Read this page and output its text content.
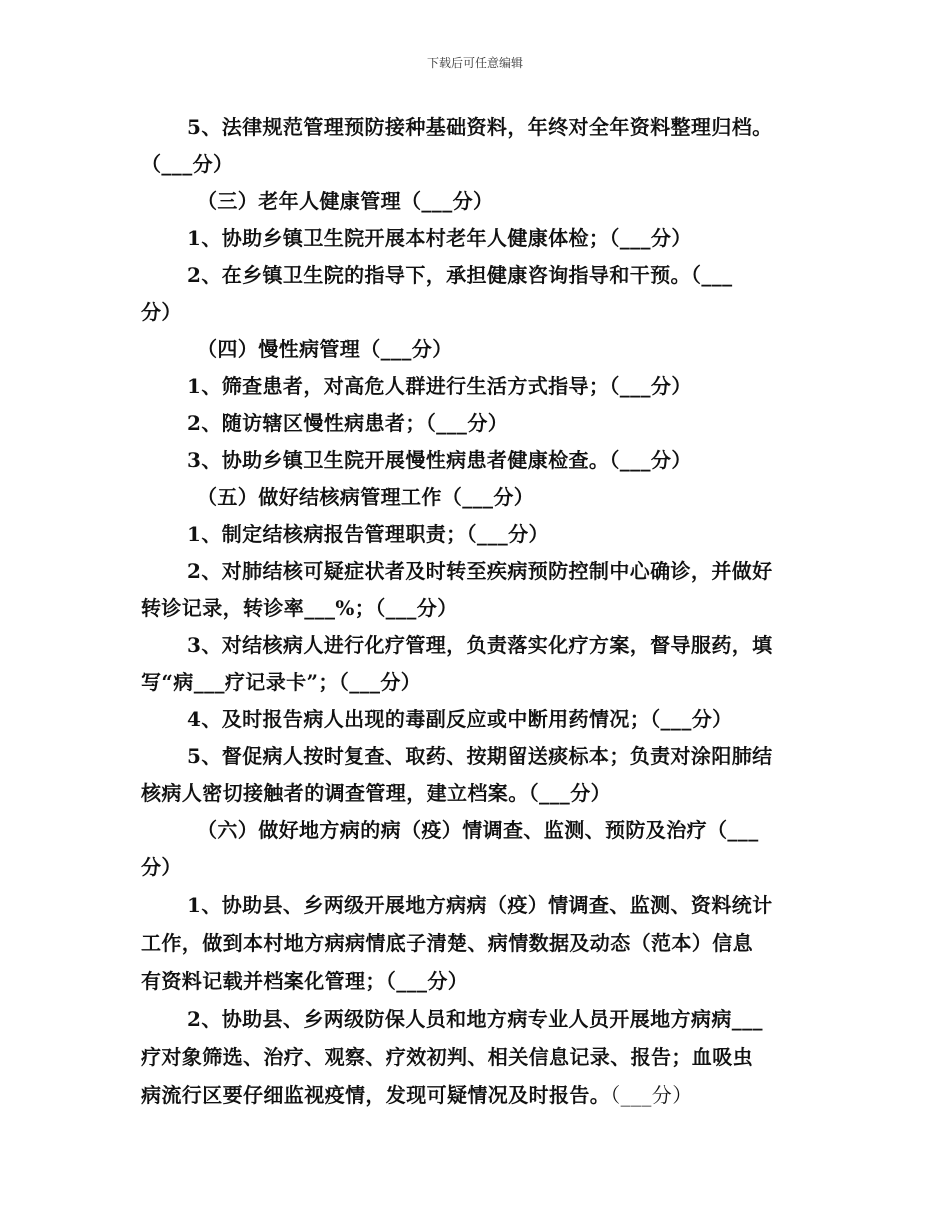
下载后可任意编辑
5、法律规范管理预防接种基础资料，年终对全年资料整理归档。
（___分）
（三）老年人健康管理（___分）
1、协助乡镇卫生院开展本村老年人健康体检；（___分）
2、在乡镇卫生院的指导下，承担健康咨询指导和干预。（___
分）
（四）慢性病管理（___分）
1、筛查患者，对高危人群进行生活方式指导；（___分）
2、随访辖区慢性病患者；（___分）
3、协助乡镇卫生院开展慢性病患者健康检查。（___分）
（五）做好结核病管理工作（___分）
1、制定结核病报告管理职责；（___分）
2、对肺结核可疑症状者及时转至疾病预防控制中心确诊，并做好
转诊记录，转诊率___%；（___分）
3、对结核病人进行化疗管理，负责落实化疗方案，督导服药，填
写“病___疗记录卡”；（___分）
4、及时报告病人出现的毒副反应或中断用药情况；（___分）
5、督促病人按时复查、取药、按期留送痰标本；负责对涂阳肺结
核病人密切接触者的调查管理，建立档案。（___分）
（六）做好地方病的病（疫）情调查、监测、预防及治疗（___
分）
1、协助县、乡两级开展地方病病（疫）情调查、监测、资料统计
工作，做到本村地方病病情底子清楚、病情数据及动态（范本）信息
有资料记载并档案化管理；（___分）
2、协助县、乡两级防保人员和地方病专业人员开展地方病病___
疗对象筛选、治疗、观察、疗效初判、相关信息记录、报告；血吸虫
病流行区要仔细监视疫情，发现可疑情况及时报告。（___分）
